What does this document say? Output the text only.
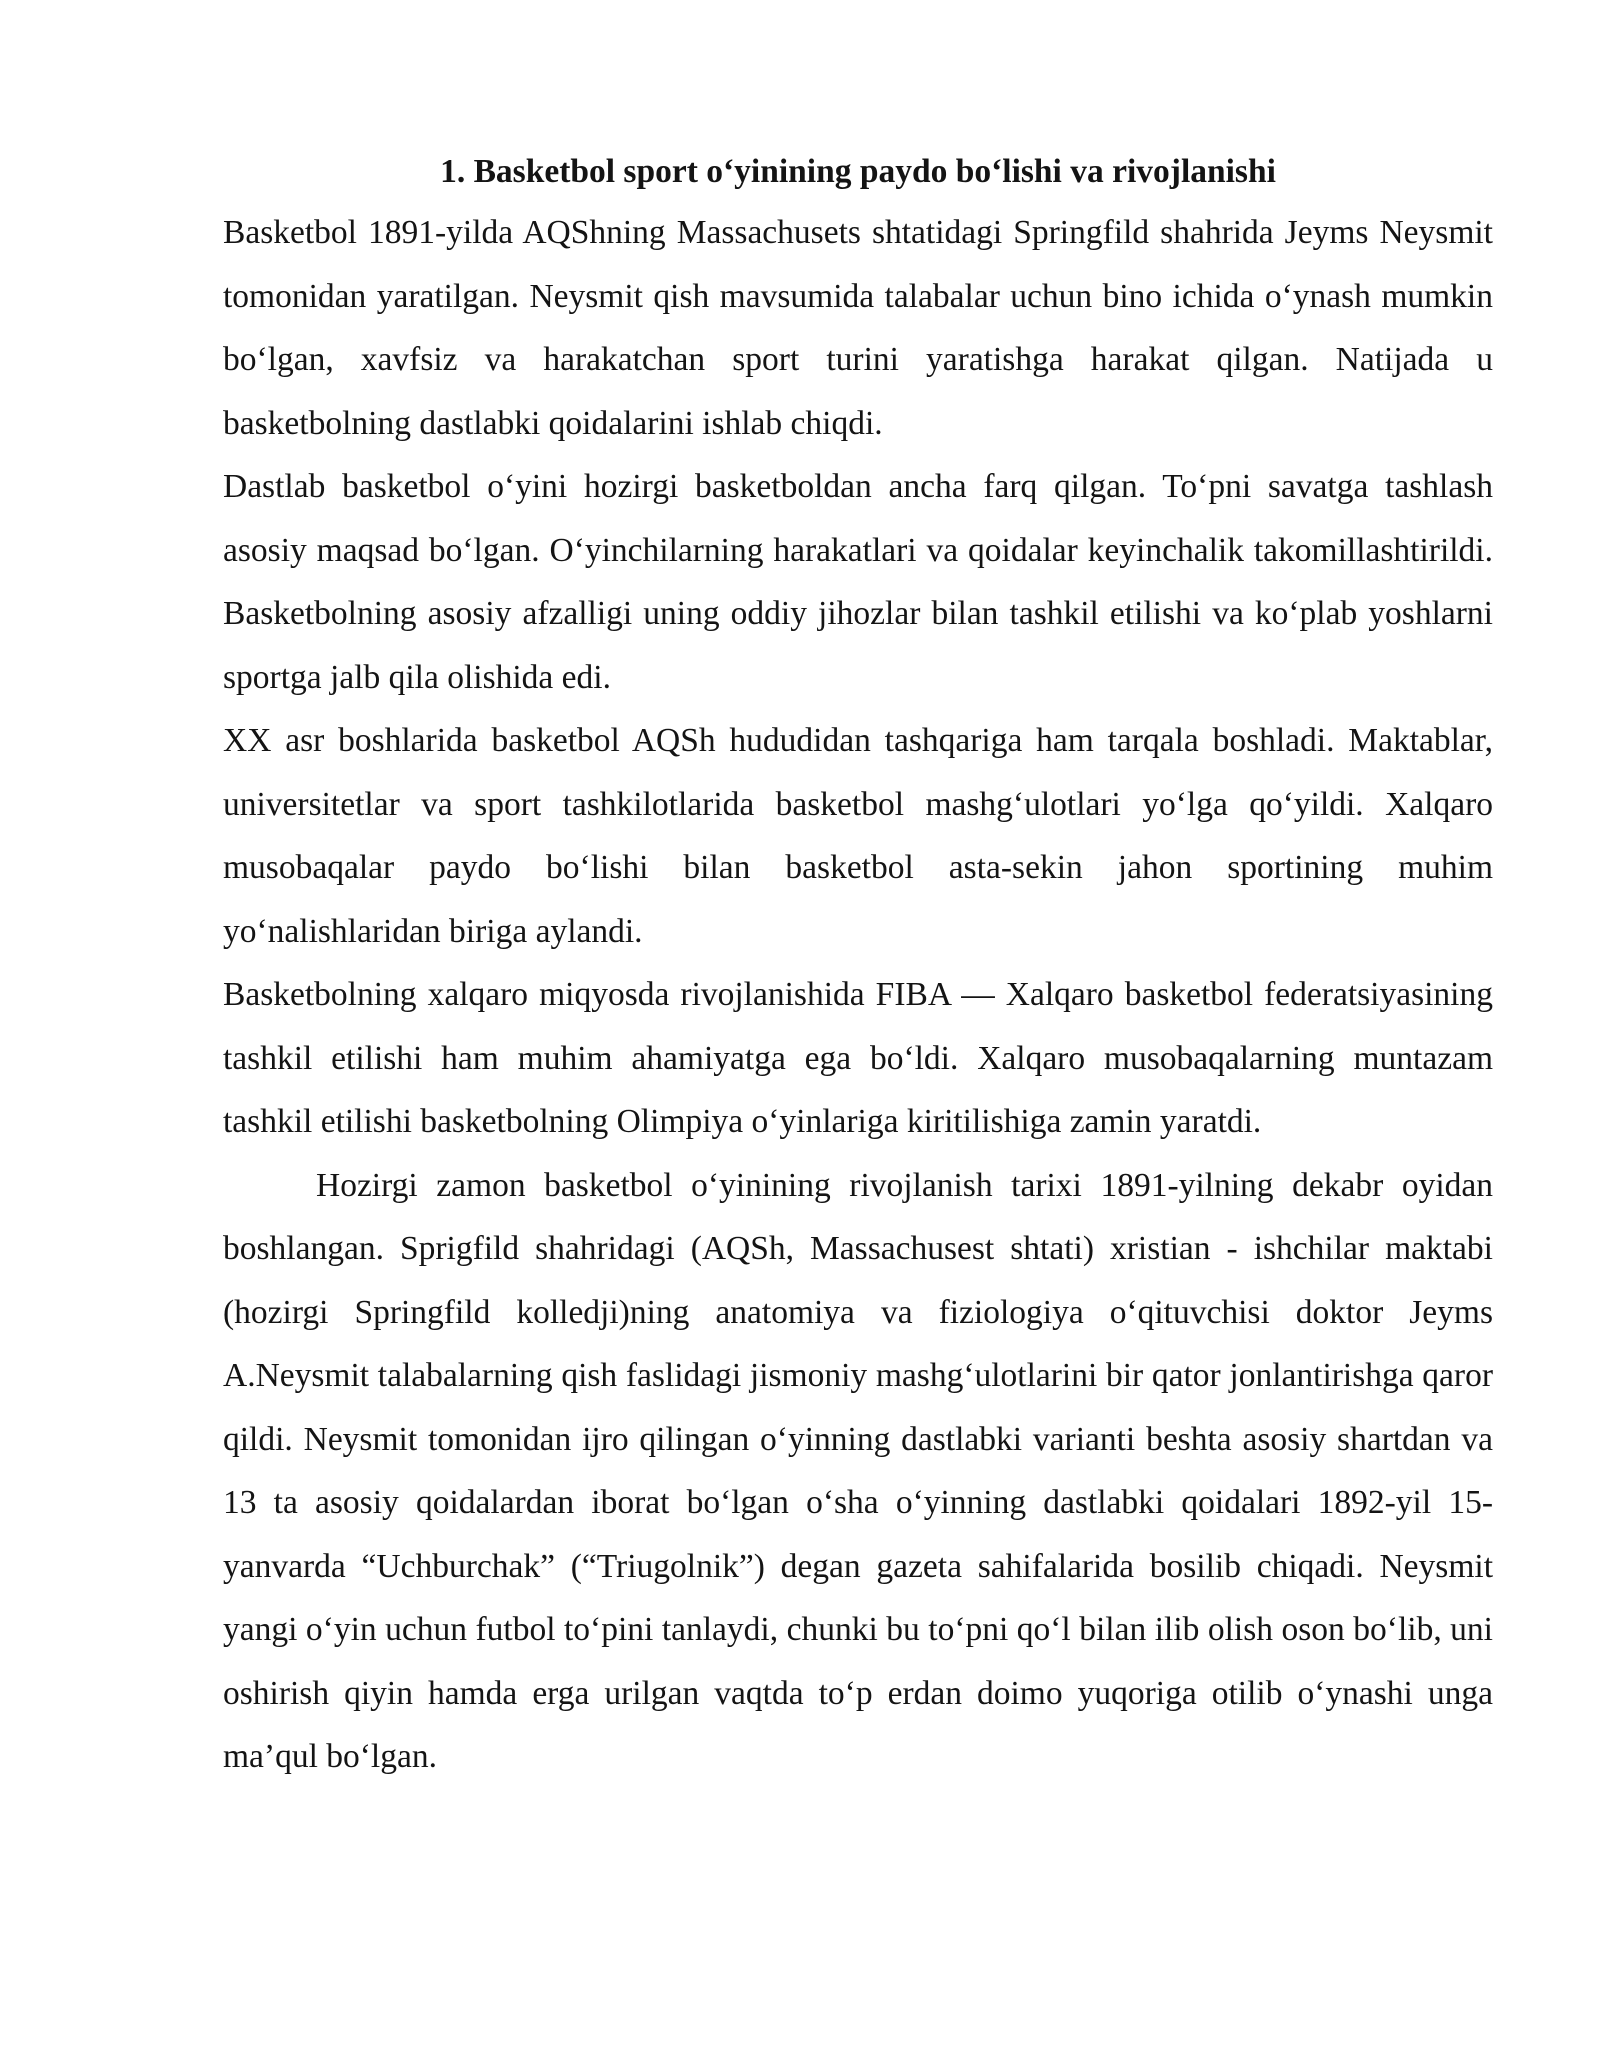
1. Basketbol sport o‘yinining paydo bo‘lishi va rivojlanishi

Basketbol 1891-yilda AQShning Massachusets shtatidagi Springfild shahrida Jeyms Neysmit tomonidan yaratilgan. Neysmit qish mavsumida talabalar uchun bino ichida o‘ynash mumkin bo‘lgan, xavfsiz va harakatchan sport turini yaratishga harakat qilgan. Natijada u basketbolning dastlabki qoidalarini ishlab chiqdi.

Dastlab basketbol o‘yini hozirgi basketboldan ancha farq qilgan. To‘pni savatga tashlash asosiy maqsad bo‘lgan. O‘yinchilarning harakatlari va qoidalar keyinchalik takomillashtirildi. Basketbolning asosiy afzalligi uning oddiy jihozlar bilan tashkil etilishi va ko‘plab yoshlarni sportga jalb qila olishida edi.

XX asr boshlarida basketbol AQSh hududidan tashqariga ham tarqala boshladi. Maktablar, universitetlar va sport tashkilotlarida basketbol mashg‘ulotlari yo‘lga qo‘yildi. Xalqaro musobaqalar paydo bo‘lishi bilan basketbol asta-sekin jahon sportining muhim yo‘nalishlaridan biriga aylandi.

Basketbolning xalqaro miqyosda rivojlanishida FIBA — Xalqaro basketbol federatsiyasining tashkil etilishi ham muhim ahamiyatga ega bo‘ldi. Xalqaro musobaqalarning muntazam tashkil etilishi basketbolning Olimpiya o‘yinlariga kiritilishiga zamin yaratdi.

Hozirgi zamon basketbol o‘yinining rivojlanish tarixi 1891-yilning dekabr oyidan boshlangan. Sprigfild shahridagi (AQSh, Massachusest shtati) xristian - ishchilar maktabi (hozirgi Springfild kolledji)ning anatomiya va fiziologiya o‘qituvchisi doktor Jeyms A.Neysmit talabalarning qish faslidagi jismoniy mashg‘ulotlarini bir qator jonlantirishga qaror qildi. Neysmit tomonidan ijro qilingan o‘yinning dastlabki varianti beshta asosiy shartdan va 13 ta asosiy qoidalardan iborat bo‘lgan o‘sha o‘yinning dastlabki qoidalari 1892-yil 15-yanvarda “Uchburchak” (“Triugolnik”) degan gazeta sahifalarida bosilib chiqadi. Neysmit yangi o‘yin uchun futbol to‘pini tanlaydi, chunki bu to‘pni qo‘l bilan ilib olish oson bo‘lib, uni oshirish qiyin hamda erga urilgan vaqtda to‘p erdan doimo yuqoriga otilib o‘ynashi unga ma’qul bo‘lgan.
